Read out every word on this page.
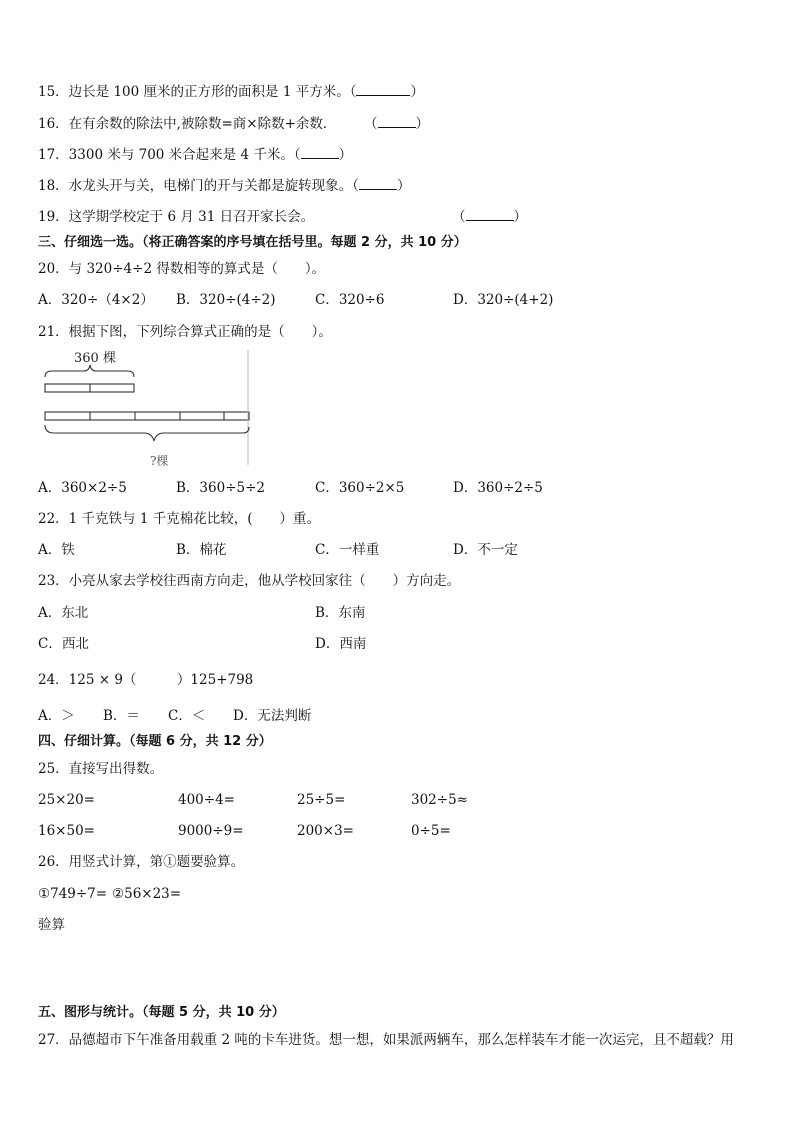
15．边长是 100 厘米的正方形的面积是 1 平方米。（	）
16．在有余数的除法中,被除数=商×除数+余数． （	）
17．3300 米与 700 米合起来是 4 千米。（	）
18．水龙头开与关，电梯门的开与关都是旋转现象。（	）
19．这学期学校定于 6 月 31 日召开家长会。	（	）
三、仔细选一选。（将正确答案的序号填在括号里。每题 2 分，共 10 分）
20．与 320÷4÷2 得数相等的算式是（　　）。
A．320÷（4×2） B．320÷(4÷2)	C．320÷6	D．320÷(4+2)
21．根据下图，下列综合算式正确的是（　　）。
360 棵
?棵
A．360×2÷5	B．360÷5÷2	C．360÷2×5	D．360÷2÷5
22．1 千克铁与 1 千克棉花比较，(　　）重。
A．铁	B．棉花	C．一样重	D．不一定
23．小亮从家去学校往西南方向走，他从学校回家往（　　）方向走。
A．东北	B．东南
C．西北	D．西南
24．125 × 9（　　　）125+798
A．＞ B．＝ C．＜ D．无法判断
四、仔细计算。（每题 6 分，共 12 分）
25．直接写出得数。
25×20=	400÷4=	25÷5=	302÷5≈
16×50=	9000÷9=	200×3=	0÷5=
26．用竖式计算，第①题要验算。
①749÷7= ②56×23=
验算
五、图形与统计。（每题 5 分，共 10 分）
27．品德超市下午准备用载重 2 吨的卡车进货。想一想，如果派两辆车，那么怎样装车才能一次运完，且不超载？用
